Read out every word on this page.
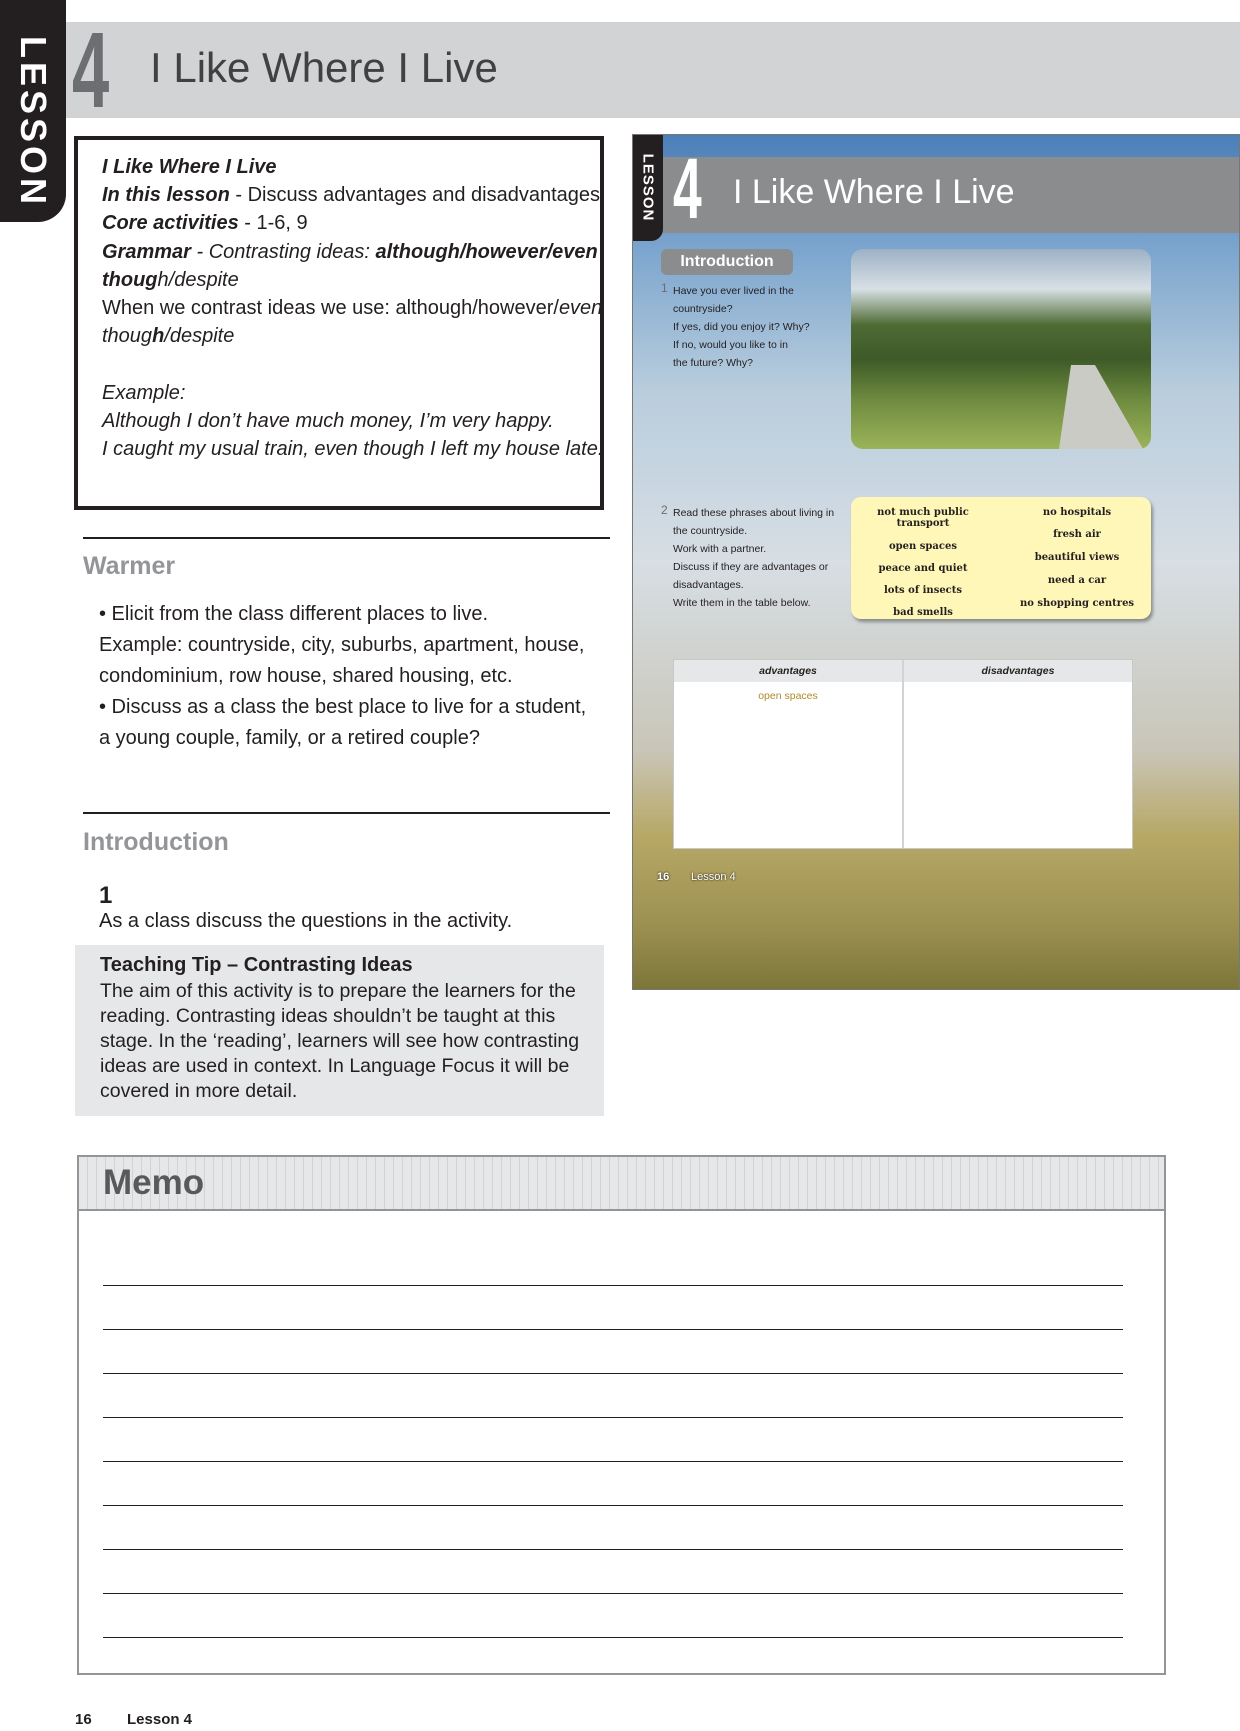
LESSON 4 I Like Where I Live
I Like Where I Live
In this lesson - Discuss advantages and disadvantages
Core activities - 1-6, 9
Grammar - Contrasting ideas: although/however/even
though/despite
When we contrast ideas we use: although/however/even
though/despite
Example:
Although I don’t have much money, I’m very happy.
I caught my usual train, even though I left my house late.
Warmer
• Elicit from the class different places to live.
Example: countryside, city, suburbs, apartment, house,
condominium, row house, shared housing, etc.
• Discuss as a class the best place to live for a student,
a young couple, family, or a retired couple?
Introduction
1
As a class discuss the questions in the activity.
Teaching Tip – Contrasting Ideas
The aim of this activity is to prepare the learners for the
reading. Contrasting ideas shouldn’t be taught at this
stage. In the ‘reading’, learners will see how contrasting
ideas are used in context. In Language Focus it will be
covered in more detail.
LESSON 4 I Like Where I Live
Introduction
1 Have you ever lived in the
countryside?
If yes, did you enjoy it? Why?
If no, would you like to in
the future? Why?
2 Read these phrases about living in
the countryside.
Work with a partner.
Discuss if they are advantages or
disadvantages.
Write them in the table below.
not much public transport
open spaces
peace and quiet
lots of insects
bad smells
no hospitals
fresh air
beautiful views
need a car
no shopping centres
advantages	disadvantages
open spaces
16 Lesson 4
Memo
16 Lesson 4
